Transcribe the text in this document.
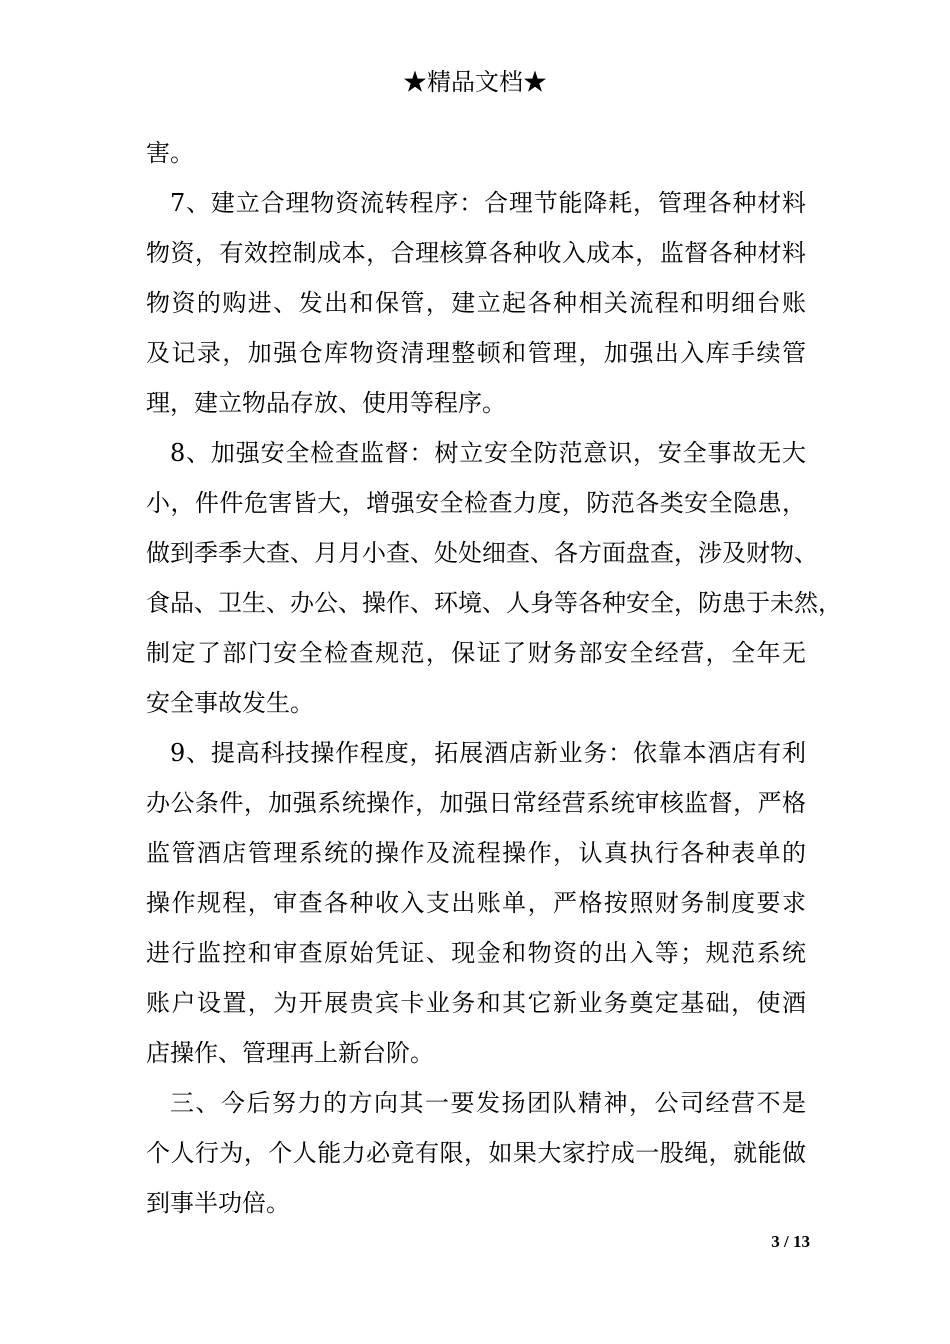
★精品文档★
害。
7、建立合理物资流转程序：合理节能降耗，管理各种材料
物资，有效控制成本，合理核算各种收入成本，监督各种材料
物资的购进、发出和保管，建立起各种相关流程和明细台账
及记录，加强仓库物资清理整顿和管理，加强出入库手续管
理，建立物品存放、使用等程序。
8、加强安全检查监督：树立安全防范意识，安全事故无大
小，件件危害皆大，增强安全检查力度，防范各类安全隐患，
做到季季大查、月月小查、处处细查、各方面盘查，涉及财物、
食品、卫生、办公、操作、环境、人身等各种安全，防患于未然，
制定了部门安全检查规范，保证了财务部安全经营，全年无
安全事故发生。
9、提高科技操作程度，拓展酒店新业务：依靠本酒店有利
办公条件，加强系统操作，加强日常经营系统审核监督，严格
监管酒店管理系统的操作及流程操作，认真执行各种表单的
操作规程，审查各种收入支出账单，严格按照财务制度要求
进行监控和审查原始凭证、现金和物资的出入等；规范系统
账户设置，为开展贵宾卡业务和其它新业务奠定基础，使酒
店操作、管理再上新台阶。
三、今后努力的方向其一要发扬团队精神，公司经营不是
个人行为，个人能力必竟有限，如果大家拧成一股绳，就能做
到事半功倍。
3 / 13
